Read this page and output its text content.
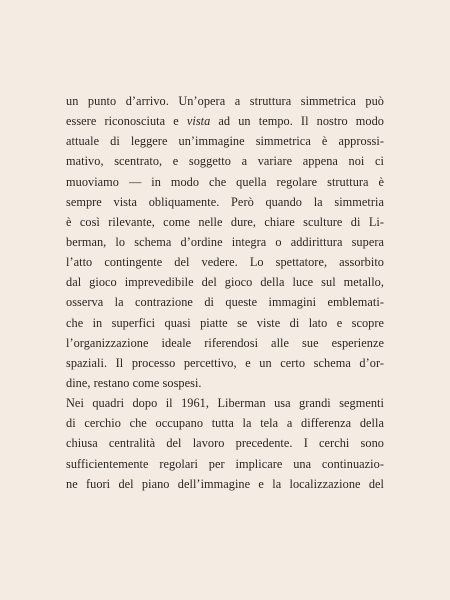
un punto d’arrivo. Un’opera a struttura simmetrica può
essere riconosciuta e vista ad un tempo. Il nostro modo
attuale di leggere un’immagine simmetrica è approssi-
mativo, scentrato, e soggetto a variare appena noi ci
muoviamo — in modo che quella regolare struttura è
sempre vista obliquamente. Però quando la simmetria
è così rilevante, come nelle dure, chiare sculture di Li-
berman, lo schema d’ordine integra o addirittura supera
l’atto contingente del vedere. Lo spettatore, assorbito
dal gioco imprevedibile del gioco della luce sul metallo,
osserva la contrazione di queste immagini emblemati-
che in superfici quasi piatte se viste di lato e scopre
l’organizzazione ideale riferendosi alle sue esperienze
spaziali. Il processo percettivo, e un certo schema d’or-
dine, restano come sospesi.
Nei quadri dopo il 1961, Liberman usa grandi segmenti
di cerchio che occupano tutta la tela a differenza della
chiusa centralità del lavoro precedente. I cerchi sono
sufficientemente regolari per implicare una continuazio-
ne fuori del piano dell’immagine e la localizzazione del
